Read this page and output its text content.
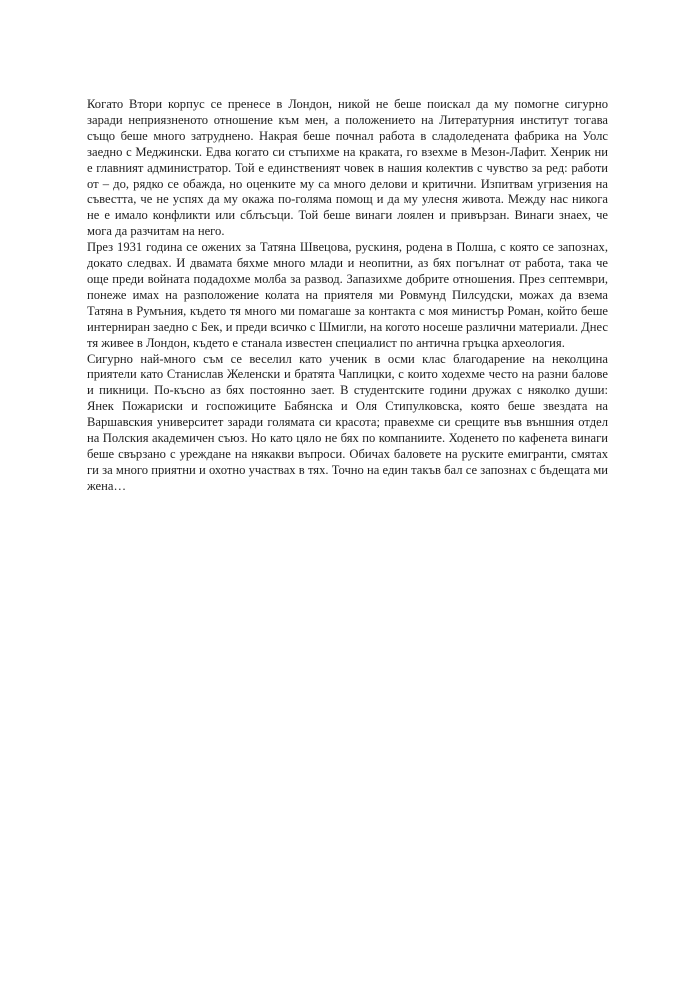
Когато Втори корпус се пренесе в Лондон, никой не беше поискал да му помогне сигурно заради неприязненото отношение към мен, а положението на Литературния институт тогава също беше много затруднено. Накрая беше почнал работа в сладоледената фабрика на Уолс заедно с Меджински. Едва когато си стъпихме на краката, го взехме в Мезон-Лафит. Хенрик ни е главният администратор. Той е единственият човек в нашия колектив с чувство за ред: работи от – до, рядко се обажда, но оценките му са много делови и критични. Изпитвам угризения на съвестта, че не успях да му окажа по-голяма помощ и да му улесня живота. Между нас никога не е имало конфликти или сблъсъци. Той беше винаги лоялен и привързан. Винаги знаех, че мога да разчитам на него.

През 1931 година се ожених за Татяна Швецова, рускиня, родена в Полша, с която се запознах, докато следвах. И двамата бяхме много млади и неопитни, аз бях погълнат от работа, така че още преди войната подадохме молба за развод. Запазихме добрите отношения. През септември, понеже имах на разположение колата на приятеля ми Ровмунд Пилсудски, можах да взема Татяна в Румъния, където тя много ми помагаше за контакта с моя министър Роман, който беше интерниран заедно с Бек, и преди всичко с Шмигли, на когото носеше различни материали. Днес тя живее в Лондон, където е станала известен специалист по антична гръцка археология.

Сигурно най-много съм се веселил като ученик в осми клас благодарение на неколцина приятели като Станислав Желенски и братята Чаплицки, с които ходехме често на разни балове и пикници. По-късно аз бях постоянно зает. В студентските години дружах с няколко души: Янек Пожариски и госпожиците Бабянска и Оля Стипулковска, която беше звездата на Варшавския университет заради голямата си красота; правехме си срещите във външния отдел на Полския академичен съюз. Но като цяло не бях по компаниите. Ходенето по кафенета винаги беше свързано с уреждане на някакви въпроси. Обичах баловете на руските емигранти, смятах ги за много приятни и охотно участвах в тях. Точно на един такъв бал се запознах с бъдещата ми жена…
